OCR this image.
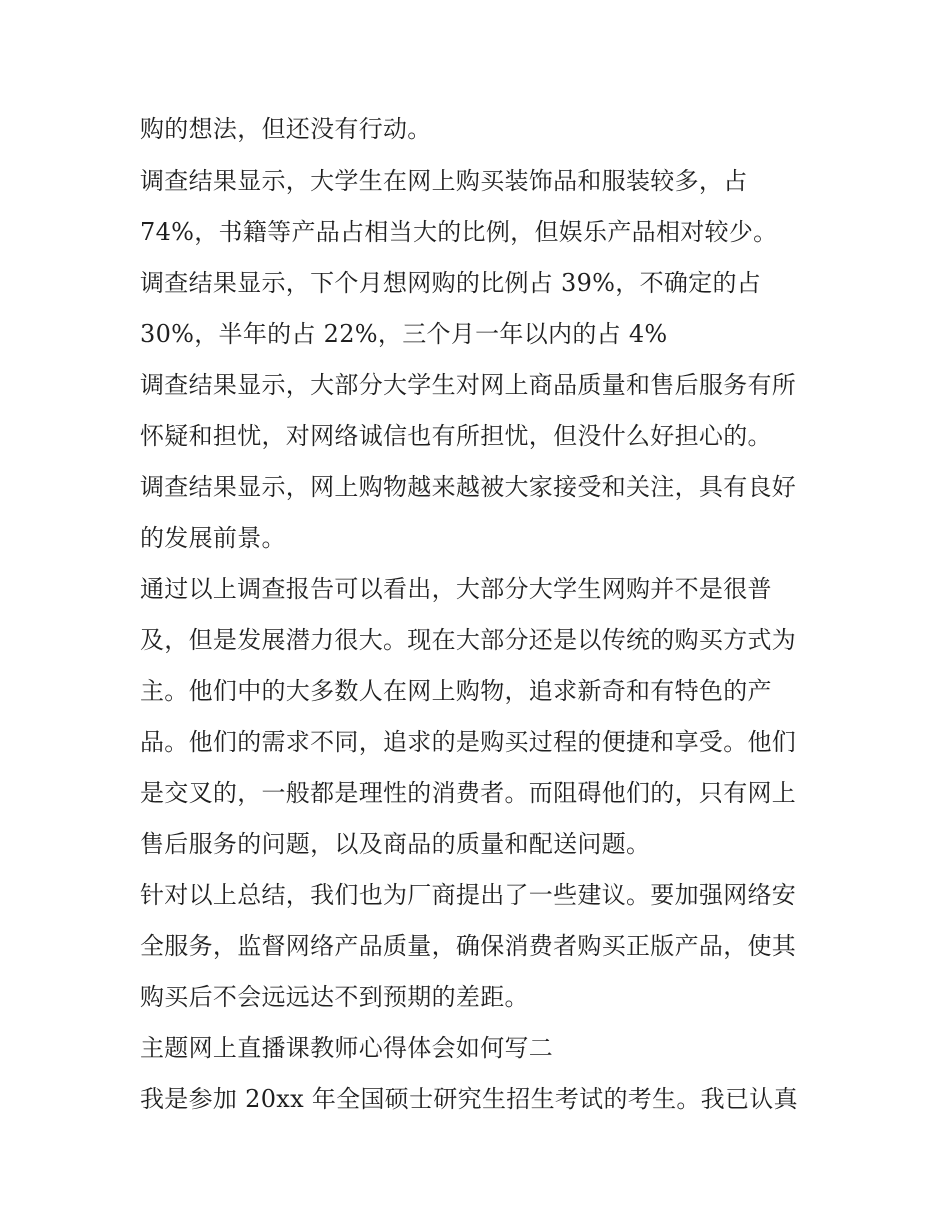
购的想法，但还没有行动。
调查结果显示，大学生在网上购买装饰品和服装较多，占
74%，书籍等产品占相当大的比例，但娱乐产品相对较少。
调查结果显示，下个月想网购的比例占 39%，不确定的占
30%，半年的占 22%，三个月一年以内的占 4%
调查结果显示，大部分大学生对网上商品质量和售后服务有所
怀疑和担忧，对网络诚信也有所担忧，但没什么好担心的。
调查结果显示，网上购物越来越被大家接受和关注，具有良好
的发展前景。
通过以上调查报告可以看出，大部分大学生网购并不是很普
及，但是发展潜力很大。现在大部分还是以传统的购买方式为
主。他们中的大多数人在网上购物，追求新奇和有特色的产
品。他们的需求不同，追求的是购买过程的便捷和享受。他们
是交叉的，一般都是理性的消费者。而阻碍他们的，只有网上
售后服务的问题，以及商品的质量和配送问题。
针对以上总结，我们也为厂商提出了一些建议。要加强网络安
全服务，监督网络产品质量，确保消费者购买正版产品，使其
购买后不会远远达不到预期的差距。
主题网上直播课教师心得体会如何写二
我是参加 20xx 年全国硕士研究生招生考试的考生。我已认真
